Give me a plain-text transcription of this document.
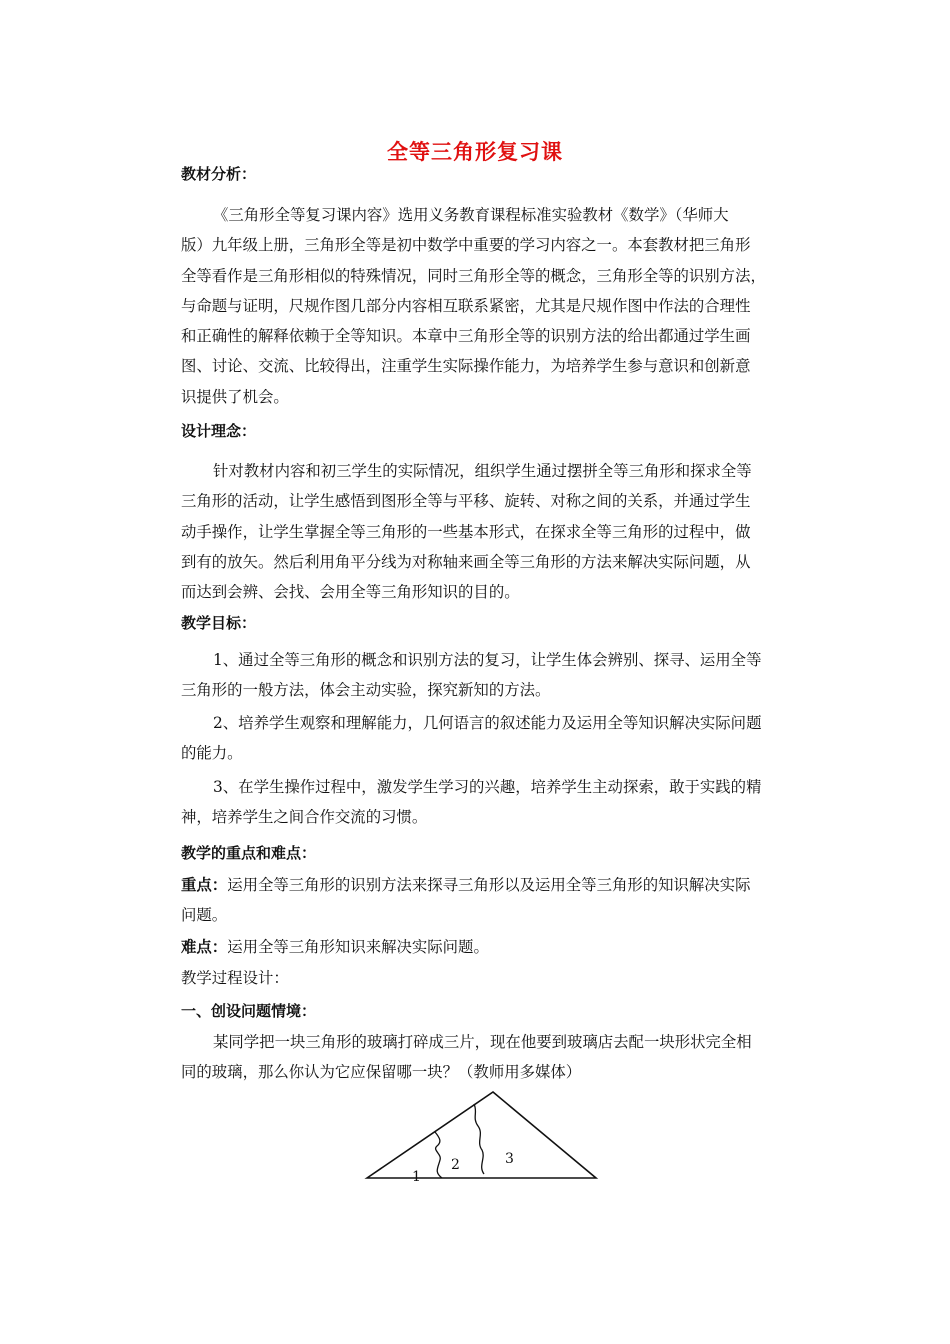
全等三角形复习课
教材分析：
《三角形全等复习课内容》选用义务教育课程标准实验教材《数学》（华师大
版）九年级上册，三角形全等是初中数学中重要的学习内容之一。本套教材把三角形
全等看作是三角形相似的特殊情况，同时三角形全等的概念，三角形全等的识别方法，
与命题与证明，尺规作图几部分内容相互联系紧密，尤其是尺规作图中作法的合理性
和正确性的解释依赖于全等知识。本章中三角形全等的识别方法的给出都通过学生画
图、讨论、交流、比较得出，注重学生实际操作能力，为培养学生参与意识和创新意
识提供了机会。
设计理念：
针对教材内容和初三学生的实际情况，组织学生通过摆拼全等三角形和探求全等
三角形的活动，让学生感悟到图形全等与平移、旋转、对称之间的关系，并通过学生
动手操作，让学生掌握全等三角形的一些基本形式，在探求全等三角形的过程中，做
到有的放矢。然后利用角平分线为对称轴来画全等三角形的方法来解决实际问题，从
而达到会辨、会找、会用全等三角形知识的目的。
教学目标：
1、通过全等三角形的概念和识别方法的复习，让学生体会辨别、探寻、运用全等
三角形的一般方法，体会主动实验，探究新知的方法。
2、培养学生观察和理解能力，几何语言的叙述能力及运用全等知识解决实际问题
的能力。
3、在学生操作过程中，激发学生学习的兴趣，培养学生主动探索，敢于实践的精
神，培养学生之间合作交流的习惯。
教学的重点和难点：
重点：运用全等三角形的识别方法来探寻三角形以及运用全等三角形的知识解决实际
问题。
难点：运用全等三角形知识来解决实际问题。
教学过程设计：
一、创设问题情境：
某同学把一块三角形的玻璃打碎成三片，现在他要到玻璃店去配一块形状完全相
同的玻璃，那么你认为它应保留哪一块？（教师用多媒体）
1
2	3
